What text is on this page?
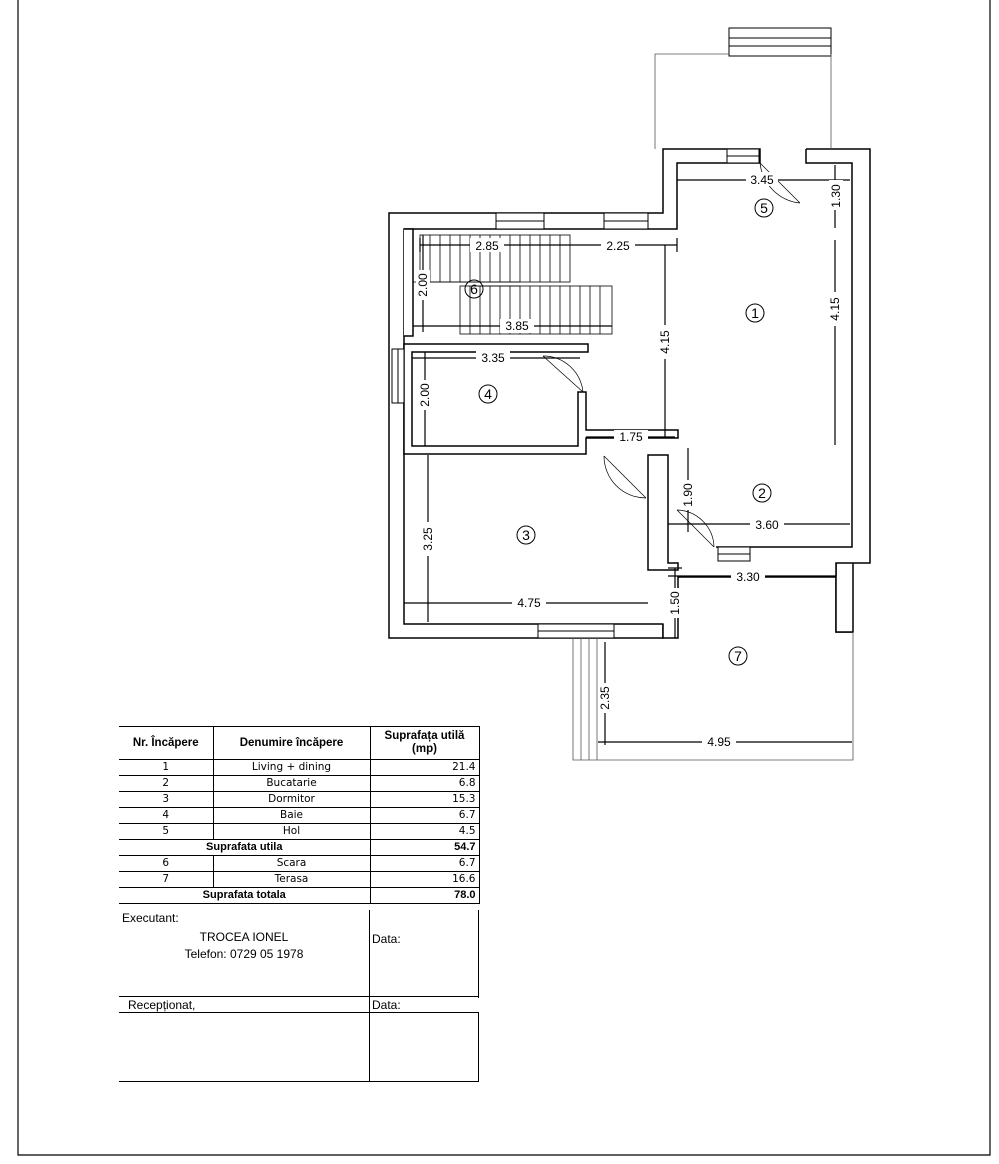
3.45
1.30
2.85	2.25
2.00
3.85
4.15
4.15
3.35
2.00
1.75
1.90
3.60
3.25
4.75
3.30
1.50
2.35
4.95
1
2
3
4
5
6
7
Nr. Încăpere	Denumire încăpere	Suprafața utilă (mp)
1	Living + dining	21.4
2	Bucatarie	6.8
3	Dormitor	15.3
4	Baie	6.7
5	Hol	4.5
Suprafata utila		54.7
6	Scara	6.7
7	Terasa	16.6
Suprafata totala		78.0
Executant:
TROCEA IONEL
Telefon: 0729 05 1978
Data:
Recepționat,	Data:
